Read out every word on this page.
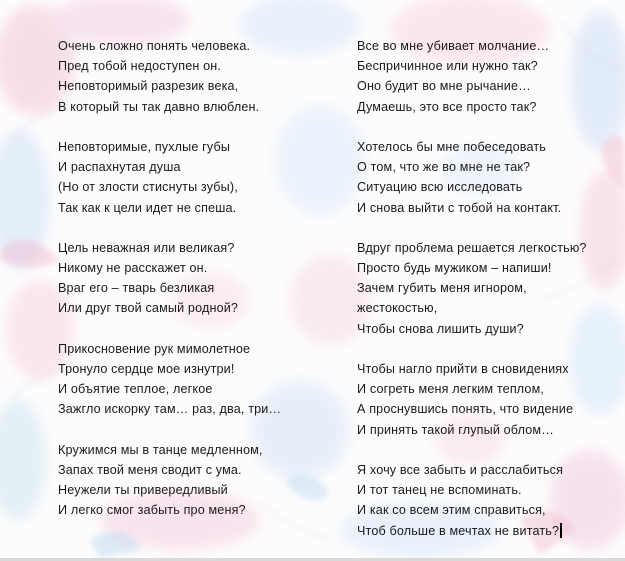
Очень сложно понять человека.
Пред тобой недоступен он.
Неповторимый разрезик века,
В который ты так давно влюблен.
Неповторимые, пухлые губы
И распахнутая душа
(Но от злости стиснуты зубы),
Так как к цели идет не спеша.
Цель неважная или великая?
Никому не расскажет он.
Враг его – тварь безликая
Или друг твой самый родной?
Прикосновение рук мимолетное
Тронуло сердце мое изнутри!
И объятие теплое, легкое
Зажгло искорку там… раз, два, три…
Кружимся мы в танце медленном,
Запах твой меня сводит с ума.
Неужели ты привередливый
И легко смог забыть про меня?
Все во мне убивает молчание…
Беспричинное или нужно так?
Оно будит во мне рычание…
Думаешь, это все просто так?
Хотелось бы мне побеседовать
О том, что же во мне не так?
Ситуацию всю исследовать
И снова выйти с тобой на контакт.
Вдруг проблема решается легкостью?
Просто будь мужиком – напиши!
Зачем губить меня игнором,
жестокостью,
Чтобы снова лишить души?
Чтобы нагло прийти в сновидениях
И согреть меня легким теплом,
А проснувшись понять, что видение
И принять такой глупый облом…
Я хочу все забыть и расслабиться
И тот танец не вспоминать.
И как со всем этим справиться,
Чтоб больше в мечтах не витать?
